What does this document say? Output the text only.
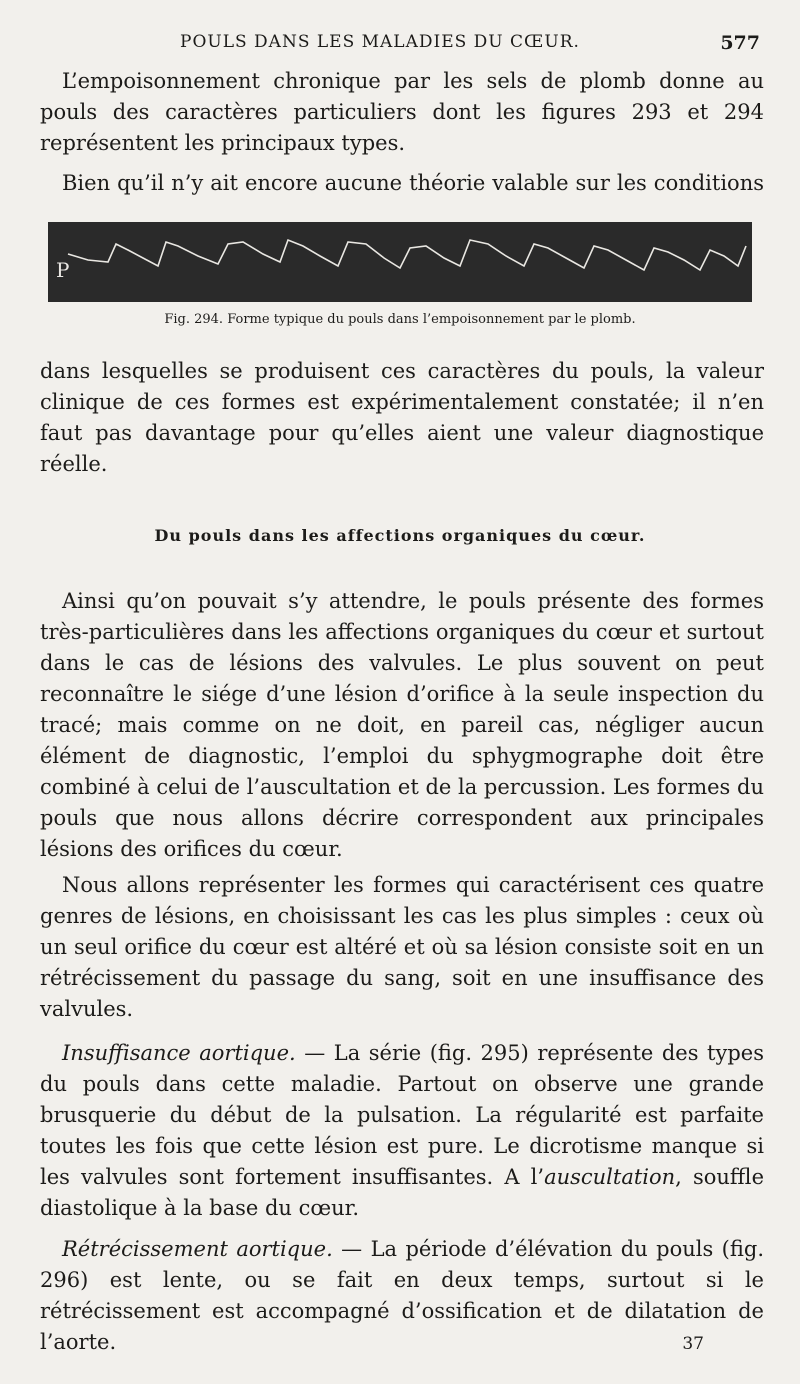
POULS DANS LES MALADIES DU CŒUR.	577

L’empoisonnement chronique par les sels de plomb donne au pouls des caractères particuliers dont les figures 293 et 294 représentent les principaux types.

Bien qu’il n’y ait encore aucune théorie valable sur les conditions

P
Fig. 294. Forme typique du pouls dans l’empoisonnement par le plomb.

dans lesquelles se produisent ces caractères du pouls, la valeur clinique de ces formes est expérimentalement constatée; il n’en faut pas davantage pour qu’elles aient une valeur diagnostique réelle.

Du pouls dans les affections organiques du cœur.

Ainsi qu’on pouvait s’y attendre, le pouls présente des formes très-particulières dans les affections organiques du cœur et surtout dans le cas de lésions des valvules. Le plus souvent on peut reconnaître le siége d’une lésion d’orifice à la seule inspection du tracé; mais comme on ne doit, en pareil cas, négliger aucun élément de diagnostic, l’emploi du sphygmographe doit être combiné à celui de l’auscultation et de la percussion. Les formes du pouls que nous allons décrire correspondent aux principales lésions des orifices du cœur.

Nous allons représenter les formes qui caractérisent ces quatre genres de lésions, en choisissant les cas les plus simples : ceux où un seul orifice du cœur est altéré et où sa lésion consiste soit en un rétrécissement du passage du sang, soit en une insuffisance des valvules.

Insuffisance aortique. — La série (fig. 295) représente des types du pouls dans cette maladie. Partout on observe une grande brusquerie du début de la pulsation. La régularité est parfaite toutes les fois que cette lésion est pure. Le dicrotisme manque si les valvules sont fortement insuffisantes. A l’auscultation, souffle diastolique à la base du cœur.

Rétrécissement aortique. — La période d’élévation du pouls (fig. 296) est lente, ou se fait en deux temps, surtout si le rétrécissement est accompagné d’ossification et de dilatation de l’aorte.	37
